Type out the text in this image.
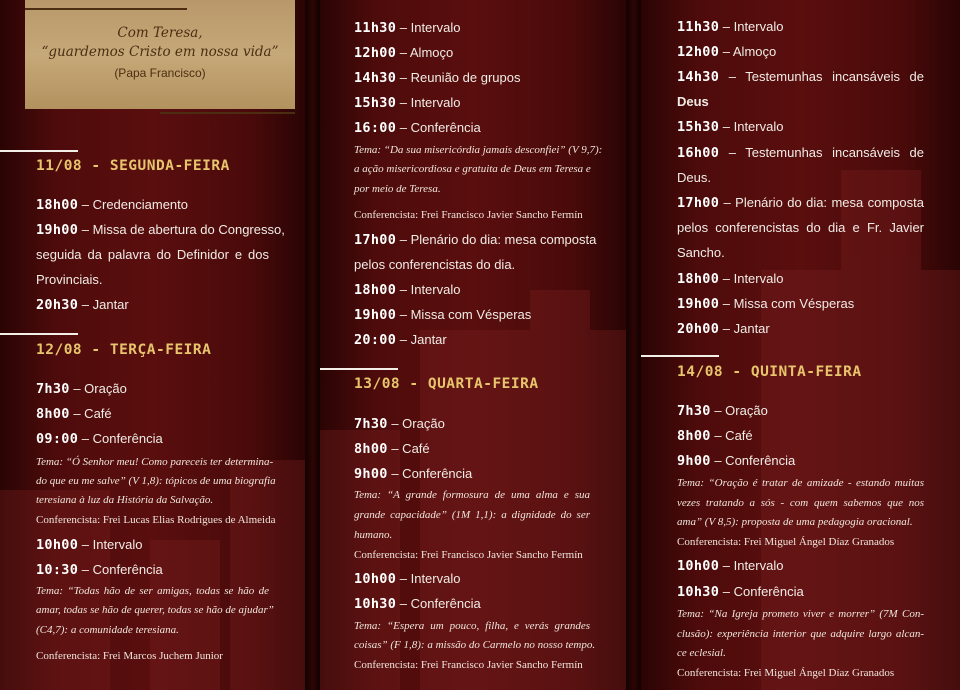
Com Teresa,
“guardemos Cristo em nossa vida”
(Papa Francisco)
11/08 - SEGUNDA-FEIRA
18h00 – Credenciamento
19h00 – Missa de abertura do Congresso,
seguida da palavra do Definidor e dos
Provinciais.
20h30 – Jantar
12/08 - TERÇA-FEIRA
7h30 – Oração
8h00 – Café
09:00 – Conferência
Tema: “Ó Senhor meu! Como pareceis ter determina-
do que eu me salve” (V 1,8): tópicos de uma biografia
teresiana à luz da História da Salvação.
Conferencista: Frei Lucas Elias Rodrigues de Almeida
10h00 – Intervalo
10:30 – Conferência
Tema: “Todas hão de ser amigas, todas se hão de
amar, todas se hão de querer, todas se hão de ajudar”
(C4,7): a comunidade teresiana.
Conferencista: Frei Marcos Juchem Junior
11h30 – Intervalo
12h00 – Almoço
14h30 – Reunião de grupos
15h30 – Intervalo
16:00 – Conferência
Tema: “Da sua misericórdia jamais desconfiei” (V 9,7):
a ação misericordiosa e gratuita de Deus em Teresa e
por meio de Teresa.
Conferencista: Frei Francisco Javier Sancho Fermín
17h00 – Plenário do dia: mesa composta
pelos conferencistas do dia.
18h00 – Intervalo
19h00 – Missa com Vésperas
20:00 – Jantar
13/08 - QUARTA-FEIRA
7h30 – Oração
8h00 – Café
9h00 – Conferência
Tema: “A grande formosura de uma alma e sua
grande capacidade” (1M 1,1): a dignidade do ser
humano.
Conferencista: Frei Francisco Javier Sancho Fermín
10h00 – Intervalo
10h30 – Conferência
Tema: “Espera um pouco, filha, e verás grandes
coisas” (F 1,8): a missão do Carmelo no nosso tempo.
Conferencista: Frei Francisco Javier Sancho Fermín
11h30 – Intervalo
12h00 – Almoço
14h30 – Testemunhas incansáveis de
Deus
15h30 – Intervalo
16h00 – Testemunhas incansáveis de
Deus.
17h00 – Plenário do dia: mesa composta
pelos conferencistas do dia e Fr. Javier
Sancho.
18h00 – Intervalo
19h00 – Missa com Vésperas
20h00 – Jantar
14/08 - QUINTA-FEIRA
7h30 – Oração
8h00 – Café
9h00 – Conferência
Tema: “Oração é tratar de amizade - estando muitas
vezes tratando a sós - com quem sabemos que nos
ama” (V 8,5): proposta de uma pedagogia oracional.
Conferencista: Frei Miguel Ángel Díaz Granados
10h00 – Intervalo
10h30 – Conferência
Tema: “Na Igreja prometo viver e morrer” (7M Con-
clusão): experiência interior que adquire largo alcan-
ce eclesial.
Conferencista: Frei Miguel Ángel Díaz Granados
